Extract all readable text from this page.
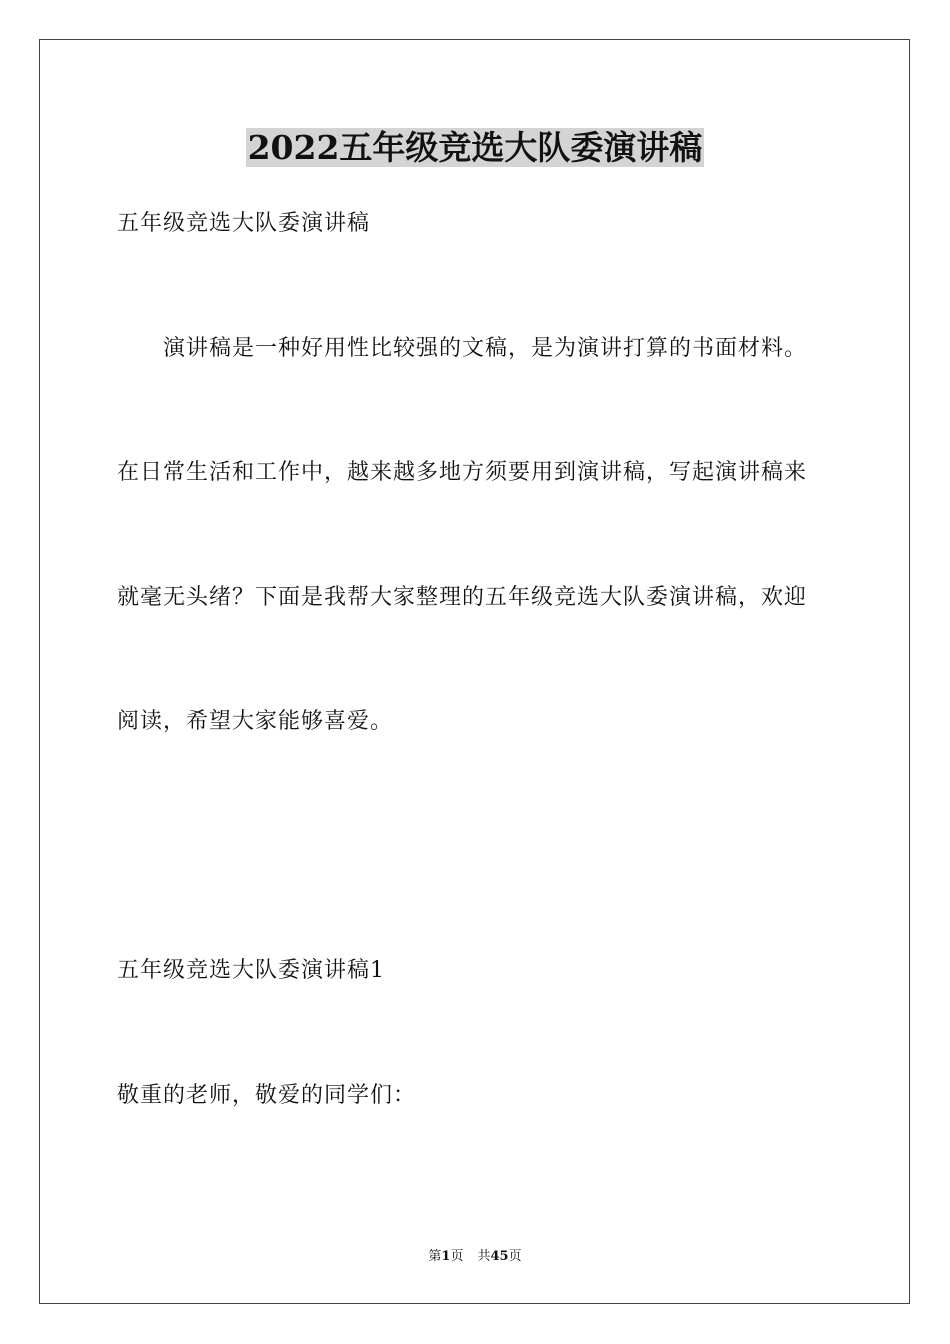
2022五年级竞选大队委演讲稿
五年级竞选大队委演讲稿
　　演讲稿是一种好用性比较强的文稿，是为演讲打算的书面材料。
在日常生活和工作中，越来越多地方须要用到演讲稿，写起演讲稿来
就毫无头绪？下面是我帮大家整理的五年级竞选大队委演讲稿，欢迎
阅读，希望大家能够喜爱。
五年级竞选大队委演讲稿1
敬重的老师，敬爱的同学们：
第1页 共45页
